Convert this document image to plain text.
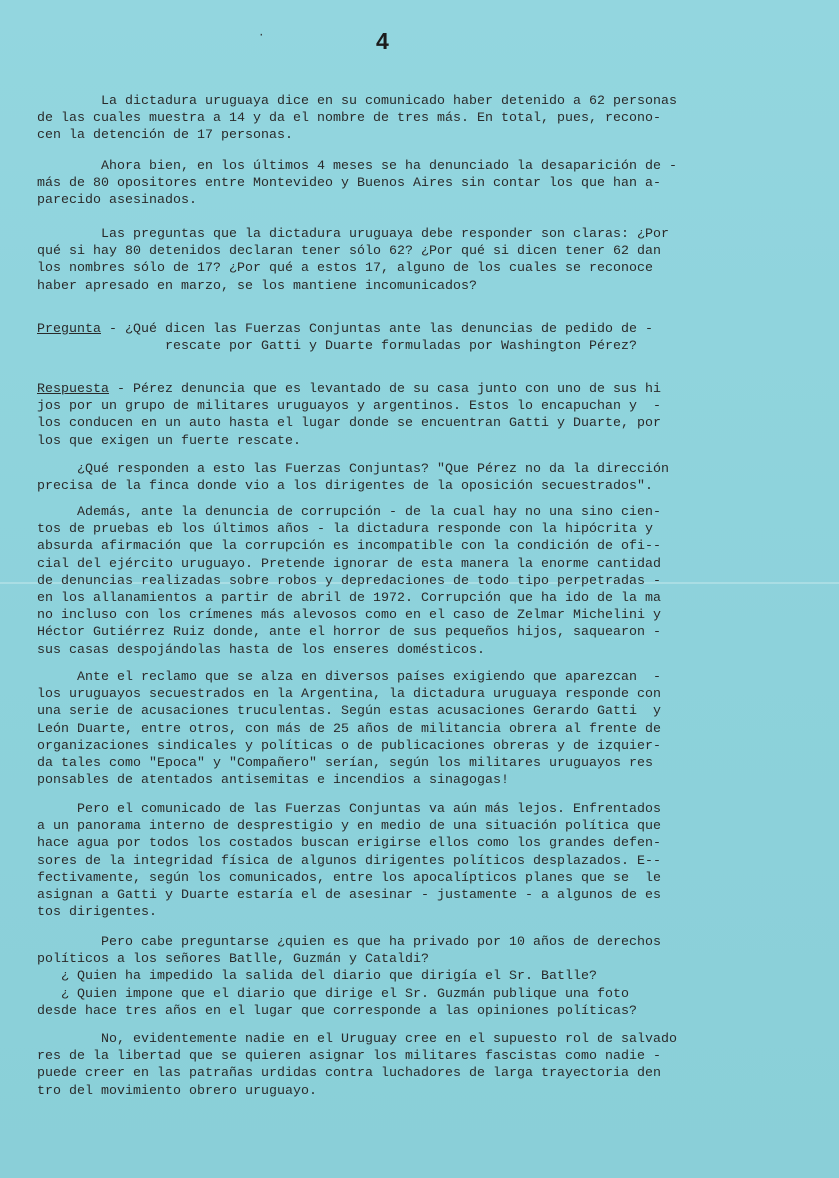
·	4
La dictadura uruguaya dice en su comunicado haber detenido a 62 personas
de las cuales muestra a 14 y da el nombre de tres más. En total, pues, recono-
cen la detención de 17 personas.
Ahora bien, en los últimos 4 meses se ha denunciado la desaparición de -
más de 80 opositores entre Montevideo y Buenos Aires sin contar los que han a-
parecido asesinados.
Las preguntas que la dictadura uruguaya debe responder son claras: ¿Por
qué si hay 80 detenidos declaran tener sólo 62? ¿Por qué si dicen tener 62 dan
los nombres sólo de 17? ¿Por qué a estos 17, alguno de los cuales se reconoce
haber apresado en marzo, se los mantiene incomunicados?
Pregunta - ¿Qué dicen las Fuerzas Conjuntas ante las denuncias de pedido de -
rescate por Gatti y Duarte formuladas por Washington Pérez?
Respuesta - Pérez denuncia que es levantado de su casa junto con uno de sus hi
jos por un grupo de militares uruguayos y argentinos. Estos lo encapuchan y  -
los conducen en un auto hasta el lugar donde se encuentran Gatti y Duarte, por
los que exigen un fuerte rescate.
¿Qué responden a esto las Fuerzas Conjuntas? "Que Pérez no da la dirección
precisa de la finca donde vio a los dirigentes de la oposición secuestrados".
Además, ante la denuncia de corrupción - de la cual hay no una sino cien-
tos de pruebas eb los últimos años - la dictadura responde con la hipócrita y
absurda afirmación que la corrupción es incompatible con la condición de ofi--
cial del ejército uruguayo. Pretende ignorar de esta manera la enorme cantidad
de denuncias realizadas sobre robos y depredaciones de todo tipo perpetradas -
en los allanamientos a partir de abril de 1972. Corrupción que ha ido de la ma
no incluso con los crímenes más alevosos como en el caso de Zelmar Michelini y
Héctor Gutiérrez Ruiz donde, ante el horror de sus pequeños hijos, saquearon -
sus casas despojándolas hasta de los enseres domésticos.
Ante el reclamo que se alza en diversos países exigiendo que aparezcan  -
los uruguayos secuestrados en la Argentina, la dictadura uruguaya responde con
una serie de acusaciones truculentas. Según estas acusaciones Gerardo Gatti  y
León Duarte, entre otros, con más de 25 años de militancia obrera al frente de
organizaciones sindicales y políticas o de publicaciones obreras y de izquier-
da tales como "Epoca" y "Compañero" serían, según los militares uruguayos res
ponsables de atentados antisemitas e incendios a sinagogas!
Pero el comunicado de las Fuerzas Conjuntas va aún más lejos. Enfrentados
a un panorama interno de desprestigio y en medio de una situación política que
hace agua por todos los costados buscan erigirse ellos como los grandes defen-
sores de la integridad física de algunos dirigentes políticos desplazados. E--
fectivamente, según los comunicados, entre los apocalípticos planes que se  le
asignan a Gatti y Duarte estaría el de asesinar - justamente - a algunos de es
tos dirigentes.
Pero cabe preguntarse ¿quien es que ha privado por 10 años de derechos
políticos a los señores Batlle, Guzmán y Cataldi?
¿ Quien ha impedido la salida del diario que dirigía el Sr. Batlle?
¿ Quien impone que el diario que dirige el Sr. Guzmán publique una foto
desde hace tres años en el lugar que corresponde a las opiniones políticas?
No, evidentemente nadie en el Uruguay cree en el supuesto rol de salvado
res de la libertad que se quieren asignar los militares fascistas como nadie -
puede creer en las patrañas urdidas contra luchadores de larga trayectoria den
tro del movimiento obrero uruguayo.
